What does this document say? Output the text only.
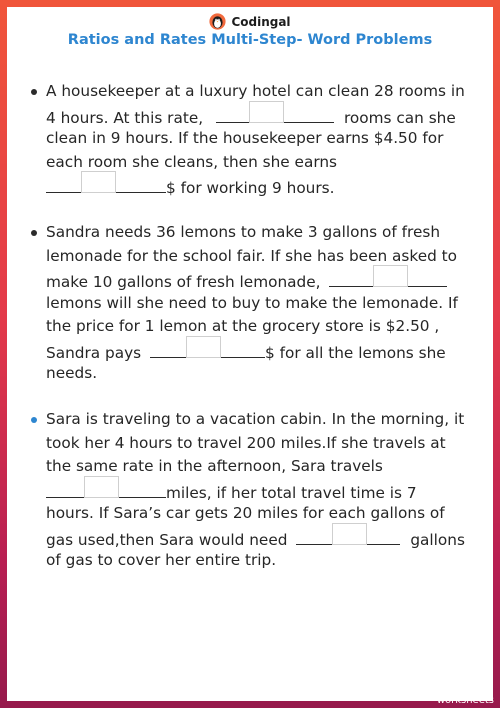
Codingal
Ratios and Rates Multi-Step- Word Problems
A housekeeper at a luxury hotel can clean 28 rooms in
4 hours. At this rate,	rooms can she
clean in 9 hours. If the housekeeper earns $4.50 for
each room she cleans, then she earns
$ for working 9 hours.
Sandra needs 36 lemons to make 3 gallons of fresh
lemonade for the school fair. If she has been asked to
make 10 gallons of fresh lemonade,
lemons will she need to buy to make the lemonade. If
the price for 1 lemon at the grocery store is $2.50 ,
Sandra pays	$ for all the lemons she
needs.
Sara is traveling to a vacation cabin. In the morning, it
took her 4 hours to travel 200 miles.If she travels at
the same rate in the afternoon, Sara travels
miles, if her total travel time is 7
hours. If Sara’s car gets 20 miles for each gallons of
gas used,then Sara would need	gallons
of gas to cover her entire trip.
TOP
worksheets
